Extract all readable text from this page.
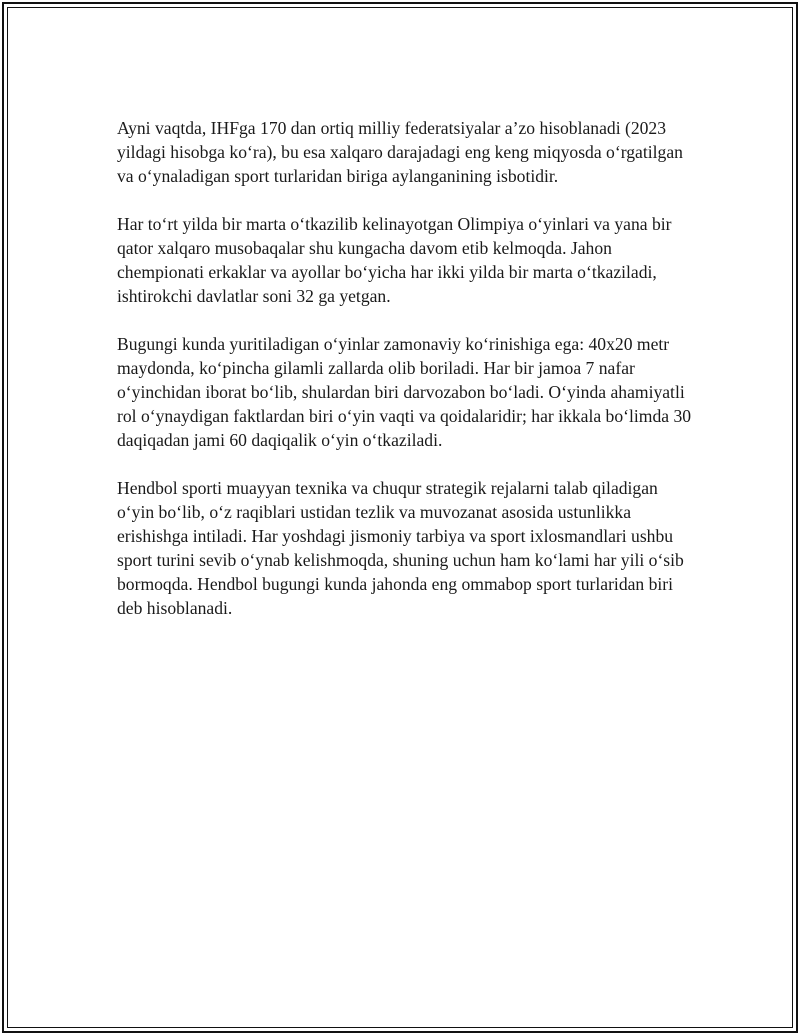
Ayni vaqtda, IHFga 170 dan ortiq milliy federatsiyalar a’zo hisoblanadi (2023 yildagi hisobga ko‘ra), bu esa xalqaro darajadagi eng keng miqyosda o‘rgatilgan va o‘ynaladigan sport turlaridan biriga aylanganining isbotidir.

Har to‘rt yilda bir marta o‘tkazilib kelinayotgan Olimpiya o‘yinlari va yana bir qator xalqaro musobaqalar shu kungacha davom etib kelmoqda. Jahon chempionati erkaklar va ayollar bo‘yicha har ikki yilda bir marta o‘tkaziladi, ishtirokchi davlatlar soni 32 ga yetgan.

Bugungi kunda yuritiladigan o‘yinlar zamonaviy ko‘rinishiga ega: 40x20 metr maydonda, ko‘pincha gilamli zallarda olib boriladi. Har bir jamoa 7 nafar o‘yinchidan iborat bo‘lib, shulardan biri darvozabon bo‘ladi. O‘yinda ahamiyatli rol o‘ynaydigan faktlardan biri o‘yin vaqti va qoidalaridir; har ikkala bo‘limda 30 daqiqadan jami 60 daqiqalik o‘yin o‘tkaziladi.

Hendbol sporti muayyan texnika va chuqur strategik rejalarni talab qiladigan o‘yin bo‘lib, o‘z raqiblari ustidan tezlik va muvozanat asosida ustunlikka erishishga intiladi. Har yoshdagi jismoniy tarbiya va sport ixlosmandlari ushbu sport turini sevib o‘ynab kelishmoqda, shuning uchun ham ko‘lami har yili o‘sib bormoqda. Hendbol bugungi kunda jahonda eng ommabop sport turlaridan biri deb hisoblanadi.
